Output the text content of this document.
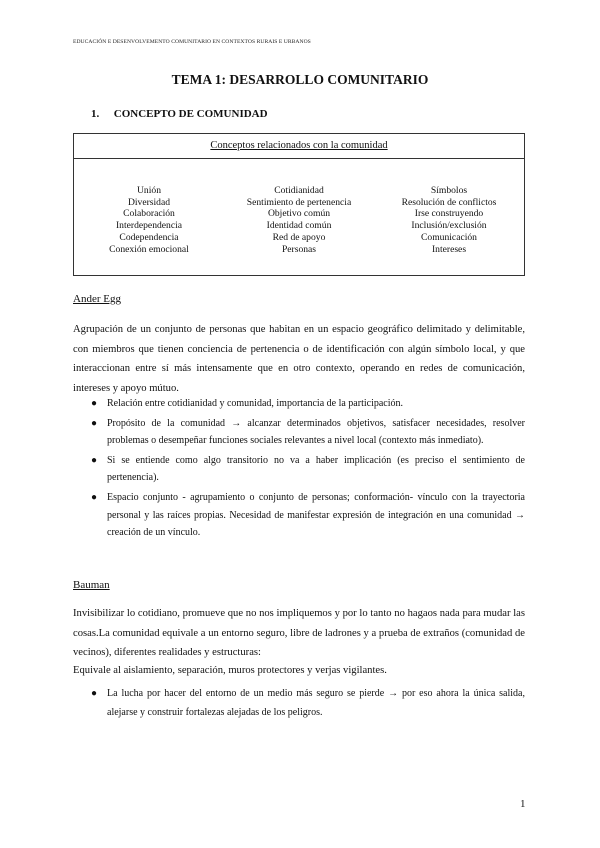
EDUCACIÓN E DESENVOLVEMENTO COMUNITARIO EN CONTEXTOS RURAIS E URBANOS
TEMA 1: DESARROLLO COMUNITARIO
1. CONCEPTO DE COMUNIDAD
Conceptos relacionados con la comunidad
Unión
Diversidad
Colaboración
Interdependencia
Codependencia
Conexión emocional
Cotidianidad
Sentimiento de pertenencia
Objetivo común
Identidad común
Red de apoyo
Personas
Símbolos
Resolución de conflictos
Irse construyendo
Inclusión/exclusión
Comunicación
Intereses
Ander Egg
Agrupación de un conjunto de personas que habitan en un espacio geográfico delimitado y delimitable, con miembros que tienen conciencia de pertenencia o de identificación con algún símbolo local, y que interaccionan entre sí más intensamente que en otro contexto, operando en redes de comunicación, intereses y apoyo mútuo.
● Relación entre cotidianidad y comunidad, importancia de la participación.
● Propósito de la comunidad → alcanzar determinados objetivos, satisfacer necesidades, resolver problemas o desempeñar funciones sociales relevantes a nivel local (contexto más inmediato).
● Si se entiende como algo transitorio no va a haber implicación (es preciso el sentimiento de pertenencia).
● Espacio conjunto - agrupamiento o conjunto de personas; conformación- vínculo con la trayectoria personal y las raíces propias. Necesidad de manifestar expresión de integración en una comunidad → creación de un vínculo.
Bauman
Invisibilizar lo cotidiano, promueve que no nos impliquemos y por lo tanto no hagaos nada para mudar las cosas.La comunidad equivale a un entorno seguro, libre de ladrones y a prueba de extraños (comunidad de vecinos), diferentes realidades y estructuras:
Equivale al aislamiento, separación, muros protectores y verjas vigilantes.
● La lucha por hacer del entorno de un medio más seguro se pierde → por eso ahora la única salida, alejarse y construir fortalezas alejadas de los peligros.
1
